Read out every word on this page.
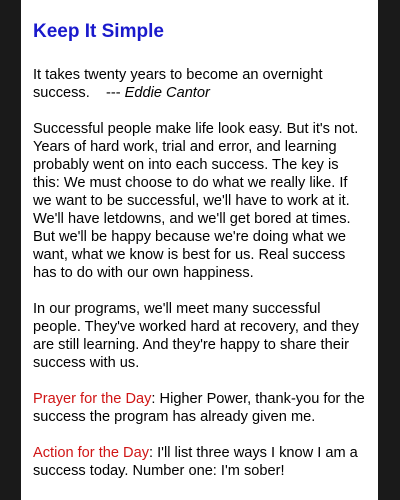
Keep It Simple

It takes twenty years to become an overnight success. --- Eddie Cantor

Successful people make life look easy. But it's not. Years of hard work, trial and error, and learning probably went on into each success. The key is this: We must choose to do what we really like. If we want to be successful, we'll have to work at it. We'll have letdowns, and we'll get bored at times. But we'll be happy because we're doing what we want, what we know is best for us. Real success has to do with our own happiness.

In our programs, we'll meet many successful people. They've worked hard at recovery, and they are still learning. And they're happy to share their success with us.

Prayer for the Day: Higher Power, thank-you for the success the program has already given me.

Action for the Day: I'll list three ways I know I am a success today. Number one: I'm sober!
